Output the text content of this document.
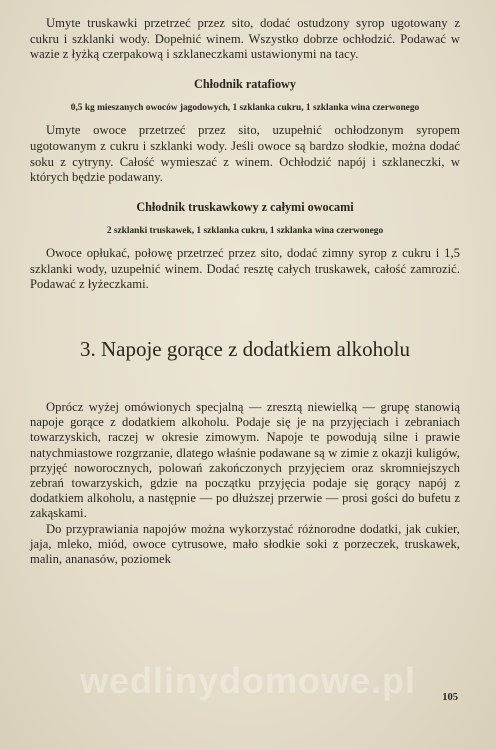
Umyte truskawki przetrzeć przez sito, dodać ostudzony syrop ugotowany z cukru i szklanki wody. Dopełnić winem. Wszystko dobrze ochłodzić. Podawać w wazie z łyżką czerpakową i szklaneczkami ustawionymi na tacy.

Chłodnik ratafiowy
0,5 kg mieszanych owoców jagodowych, 1 szklanka cukru, 1 szklanka wina czerwonego

Umyte owoce przetrzeć przez sito, uzupełnić ochłodzonym syropem ugotowanym z cukru i szklanki wody. Jeśli owoce są bardzo słodkie, można dodać soku z cytryny. Całość wymieszać z winem. Ochłodzić napój i szklaneczki, w których będzie podawany.

Chłodnik truskawkowy z całymi owocami
2 szklanki truskawek, 1 szklanka cukru, 1 szklanka wina czerwonego

Owoce opłukać, połowę przetrzeć przez sito, dodać zimny syrop z cukru i 1,5 szklanki wody, uzupełnić winem. Dodać resztę całych truskawek, całość zamrozić. Podawać z łyżeczkami.

3. Napoje gorące z dodatkiem alkoholu

Oprócz wyżej omówionych specjalną — zresztą niewielką — grupę stanowią napoje gorące z dodatkiem alkoholu. Podaje się je na przyjęciach i zebraniach towarzyskich, raczej w okresie zimowym. Napoje te powodują silne i prawie natychmiastowe rozgrzanie, dlatego właśnie podawane są w zimie z okazji kuligów, przyjęć noworocznych, polowań zakończonych przyjęciem oraz skromniejszych zebrań towarzyskich, gdzie na początku przyjęcia podaje się gorący napój z dodatkiem alkoholu, a następnie — po dłuższej przerwie — prosi gości do bufetu z zakąskami.

Do przyprawiania napojów można wykorzystać różnorodne dodatki, jak cukier, jaja, mleko, miód, owoce cytrusowe, mało słodkie soki z porzeczek, truskawek, malin, ananasów, poziomek

wedlinydomowe.pl	105
